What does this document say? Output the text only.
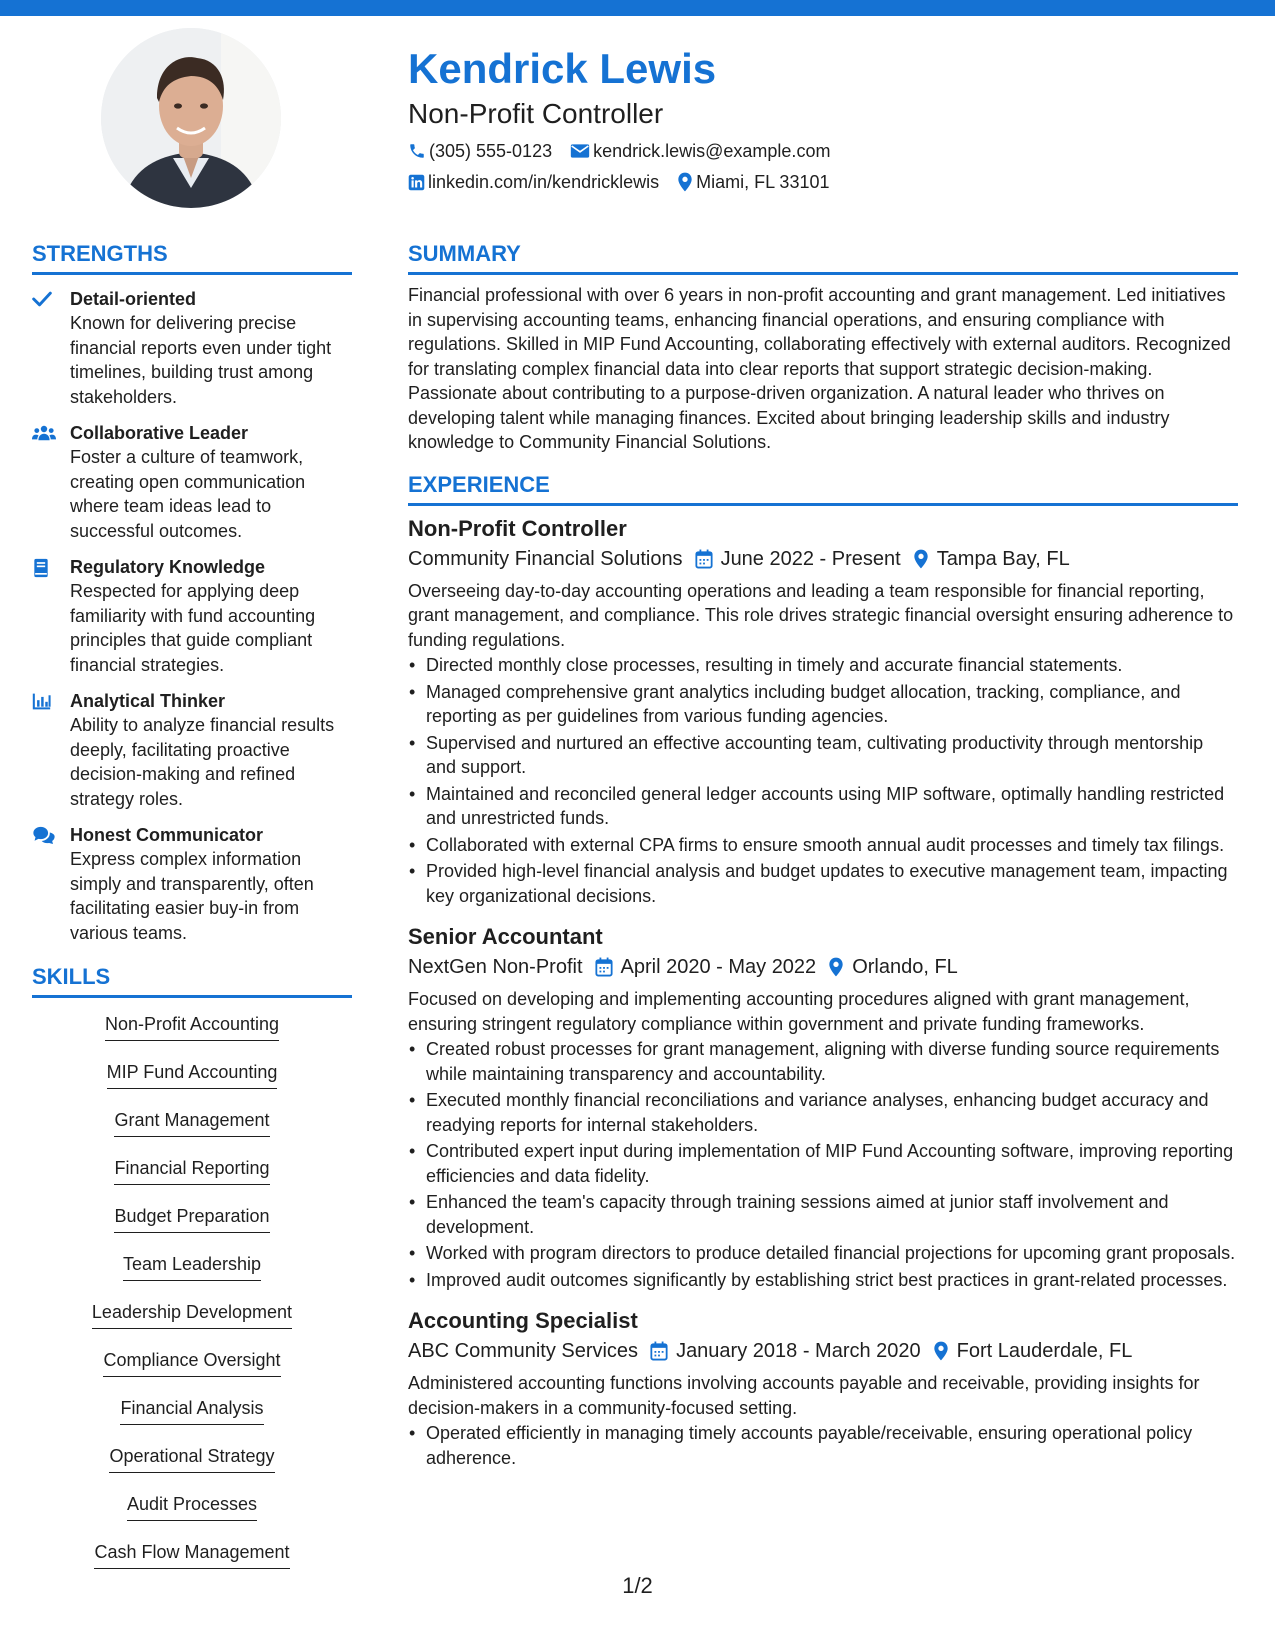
Kendrick Lewis
Non-Profit Controller
(305) 555-0123 kendrick.lewis@example.com
linkedin.com/in/kendricklewis Miami, FL 33101
STRENGTHS
Detail-oriented
Known for delivering precise financial reports even under tight timelines, building trust among stakeholders.
Collaborative Leader
Foster a culture of teamwork, creating open communication where team ideas lead to successful outcomes.
Regulatory Knowledge
Respected for applying deep familiarity with fund accounting principles that guide compliant financial strategies.
Analytical Thinker
Ability to analyze financial results deeply, facilitating proactive decision-making and refined strategy roles.
Honest Communicator
Express complex information simply and transparently, often facilitating easier buy-in from various teams.
SKILLS
Non-Profit Accounting
MIP Fund Accounting
Grant Management
Financial Reporting
Budget Preparation
Team Leadership
Leadership Development
Compliance Oversight
Financial Analysis
Operational Strategy
Audit Processes
Cash Flow Management
SUMMARY
Financial professional with over 6 years in non-profit accounting and grant management. Led initiatives in supervising accounting teams, enhancing financial operations, and ensuring compliance with regulations. Skilled in MIP Fund Accounting, collaborating effectively with external auditors. Recognized for translating complex financial data into clear reports that support strategic decision-making. Passionate about contributing to a purpose-driven organization. A natural leader who thrives on developing talent while managing finances. Excited about bringing leadership skills and industry knowledge to Community Financial Solutions.
EXPERIENCE
Non-Profit Controller
Community Financial Solutions June 2022 - Present Tampa Bay, FL
Overseeing day-to-day accounting operations and leading a team responsible for financial reporting, grant management, and compliance. This role drives strategic financial oversight ensuring adherence to funding regulations.
• Directed monthly close processes, resulting in timely and accurate financial statements.
• Managed comprehensive grant analytics including budget allocation, tracking, compliance, and reporting as per guidelines from various funding agencies.
• Supervised and nurtured an effective accounting team, cultivating productivity through mentorship and support.
• Maintained and reconciled general ledger accounts using MIP software, optimally handling restricted and unrestricted funds.
• Collaborated with external CPA firms to ensure smooth annual audit processes and timely tax filings.
• Provided high-level financial analysis and budget updates to executive management team, impacting key organizational decisions.
Senior Accountant
NextGen Non-Profit April 2020 - May 2022 Orlando, FL
Focused on developing and implementing accounting procedures aligned with grant management, ensuring stringent regulatory compliance within government and private funding frameworks.
• Created robust processes for grant management, aligning with diverse funding source requirements while maintaining transparency and accountability.
• Executed monthly financial reconciliations and variance analyses, enhancing budget accuracy and readying reports for internal stakeholders.
• Contributed expert input during implementation of MIP Fund Accounting software, improving reporting efficiencies and data fidelity.
• Enhanced the team's capacity through training sessions aimed at junior staff involvement and development.
• Worked with program directors to produce detailed financial projections for upcoming grant proposals.
• Improved audit outcomes significantly by establishing strict best practices in grant-related processes.
Accounting Specialist
ABC Community Services January 2018 - March 2020 Fort Lauderdale, FL
Administered accounting functions involving accounts payable and receivable, providing insights for decision-makers in a community-focused setting.
• Operated efficiently in managing timely accounts payable/receivable, ensuring operational policy adherence.
1/2
